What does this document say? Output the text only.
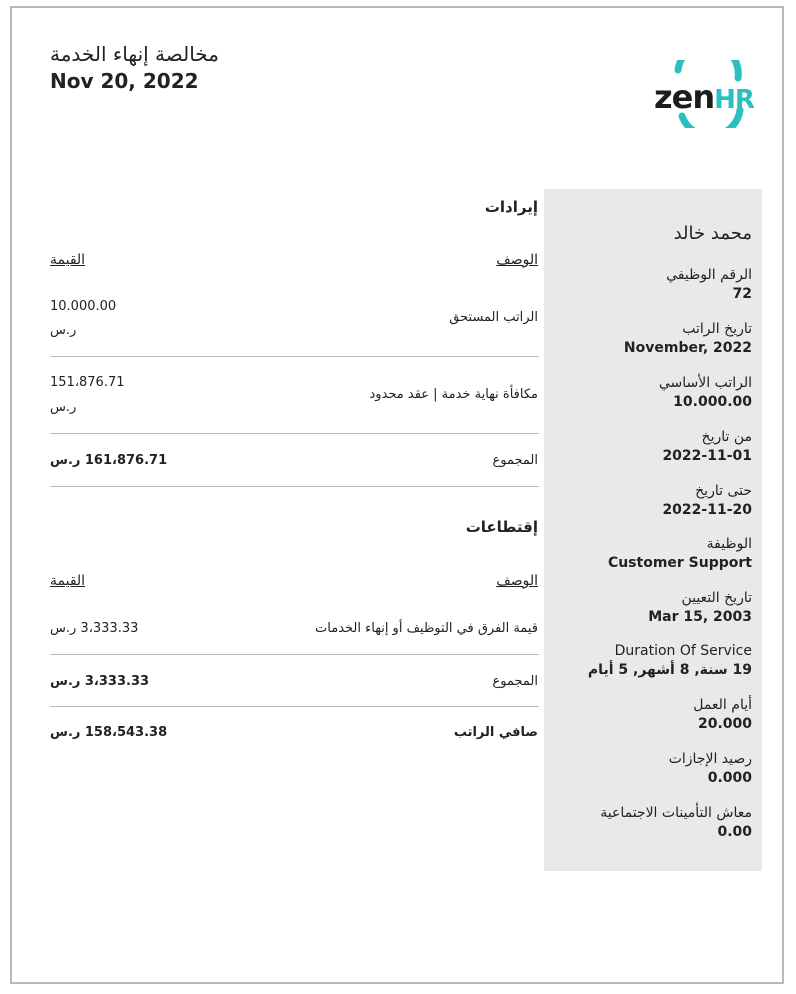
مخالصة إنهاء الخدمة
Nov 20, 2022	zenHR
محمد خالد
الرقم الوظيفي
72
تاريخ الراتب
November, 2022
الراتب الأساسي
10.000.00
من تاريخ
2022-11-01
حتى تاريخ
2022-11-20
الوظيفة
Customer Support
تاريخ التعيين
Mar 15, 2003
Duration Of Service
19 سنة, 8 أشهر, 5 أيام
أيام العمل
20.000
رصيد الإجازات
0.000
معاش التأمينات الاجتماعية
0.00
إيرادات
الوصف
القيمة
الراتب المستحق
10.000.00
ر.س
مكافأة نهاية خدمة | عقد محدود
151،876.71
ر.س
المجموع
161،876.71 ر.س
إقتطاعات
الوصف
القيمة
قيمة الفرق في التوظيف أو إنهاء الخدمات
3،333.33 ر.س
المجموع
3،333.33 ر.س
صافي الراتب
158،543.38 ر.س
